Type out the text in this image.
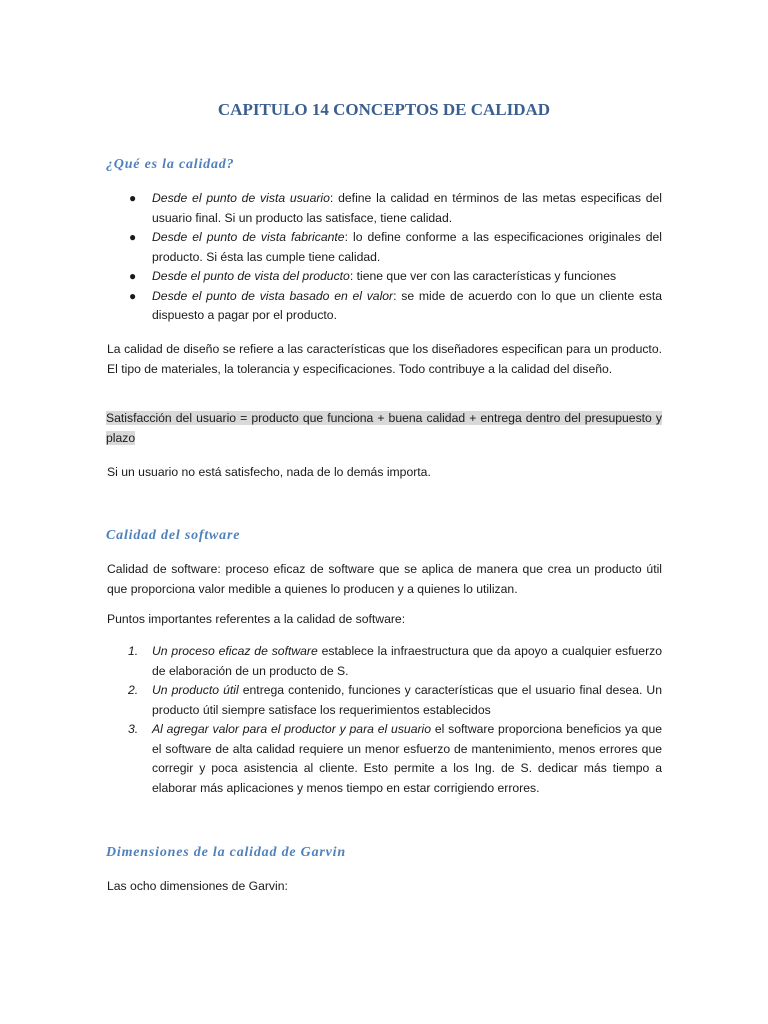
CAPITULO 14 CONCEPTOS DE CALIDAD
¿Qué es la calidad?
● Desde el punto de vista usuario: define la calidad en términos de las metas especificas del usuario final. Si un producto las satisface, tiene calidad.
● Desde el punto de vista fabricante: lo define conforme a las especificaciones originales del producto. Si ésta las cumple tiene calidad.
● Desde el punto de vista del producto: tiene que ver con las características y funciones
● Desde el punto de vista basado en el valor: se mide de acuerdo con lo que un cliente esta dispuesto a pagar por el producto.

La calidad de diseño se refiere a las características que los diseñadores especifican para un producto. El tipo de materiales, la tolerancia y especificaciones. Todo contribuye a la calidad del diseño.

Satisfacción del usuario = producto que funciona + buena calidad + entrega dentro del presupuesto y plazo

Si un usuario no está satisfecho, nada de lo demás importa.

Calidad del software

Calidad de software: proceso eficaz de software que se aplica de manera que crea un producto útil que proporciona valor medible a quienes lo producen y a quienes lo utilizan.

Puntos importantes referentes a la calidad de software:

1. Un proceso eficaz de software establece la infraestructura que da apoyo a cualquier esfuerzo de elaboración de un producto de S.
2. Un producto útil entrega contenido, funciones y características que el usuario final desea. Un producto útil siempre satisface los requerimientos establecidos
3. Al agregar valor para el productor y para el usuario el software proporciona beneficios ya que el software de alta calidad requiere un menor esfuerzo de mantenimiento, menos errores que corregir y poca asistencia al cliente. Esto permite a los Ing. de S. dedicar más tiempo a elaborar más aplicaciones y menos tiempo en estar corrigiendo errores.
Dimensiones de la calidad de Garvin

Las ocho dimensiones de Garvin:
